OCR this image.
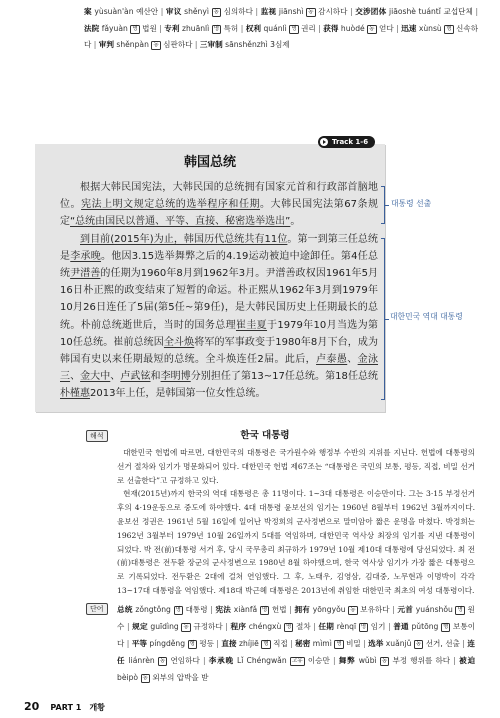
案 yùsuàn'àn 예산안 | 审议 shěnyì 동 심의하다 | 监视 jiānshì 동 감시하다 | 交涉团体 jiāoshè tuántǐ 교섭단체 | 法院 fǎyuàn 명 법원 | 专利 zhuānlì 명 특허 | 权利 quánlì 명 권리 | 获得 huòdé 동 얻다 | 迅速 xùnsù 형 신속하다 | 审判 shěnpàn 동 심판하다 | 三审制 sānshěnzhì 3심제
Track 1-6
韩国总统

根据大韩民国宪法，大韩民国的总统拥有国家元首和行政部首脑地位。宪法上明文规定总统的选举程序和任期。大韩民国宪法第67条规定“总统由国民以普通、平等、直接、秘密选举选出”。

到目前(2015年)为止，韩国历代总统共有11位。第一到第三任总统是李承晚。他因3.15选举舞弊之后的4.19运动被迫中途卸任。第4任总统尹潽善的任期为1960年8月到1962年3月。尹潽善政权因1961年5月16日朴正熙的政变结束了短暂的命运。朴正熙从1962年3月到1979年10月26日连任了5届(第5任~第9任)，是大韩民国历史上任期最长的总统。朴前总统逝世后，当时的国务总理崔圭夏于1979年10月当选为第10任总统。崔前总统因全斗焕将军的军事政变于1980年8月下台，成为韩国有史以来任期最短的总统。全斗焕连任2届。此后，卢泰愚、金泳三、金大中、卢武铉和李明博分别担任了第13~17任总统。第18任总统朴槿惠2013年上任，是韩国第一位女性总统。

대통령 선출
대한민국 역대 대통령
해석	한국 대통령

대한민국 헌법에 따르면, 대한민국의 대통령은 국가원수와 행정부 수반의 지위를 지닌다. 헌법에 대통령의 선거 절차와 임기가 명문화되어 있다. 대한민국 헌법 제67조는 “대통령은 국민의 보통, 평등, 직접, 비밀 선거로 선출한다”고 규정하고 있다.

현재(2015년)까지 한국의 역대 대통령은 총 11명이다. 1~3대 대통령은 이승만이다. 그는 3·15 부정선거 후의 4·19운동으로 중도에 하야했다. 4대 대통령 윤보선의 임기는 1960년 8월부터 1962년 3월까지이다. 윤보선 정권은 1961년 5월 16일에 일어난 박정희의 군사정변으로 말미암아 짧은 운명을 마쳤다. 박정희는 1962년 3월부터 1979년 10월 26일까지 5대를 역임하며, 대한민국 역사상 최장의 임기를 지낸 대통령이 되었다. 박 전(前)대통령 서거 후, 당시 국무총리 최규하가 1979년 10월 제10대 대통령에 당선되었다. 최 전(前)대통령은 전두환 장군의 군사정변으로 1980년 8월 하야했으며, 한국 역사상 임기가 가장 짧은 대통령으로 기록되었다. 전두환은 2대에 걸쳐 연임했다. 그 후, 노태우, 김영삼, 김대중, 노무현과 이명박이 각각 13~17대 대통령을 역임했다. 제18대 박근혜 대통령은 2013년에 취임한 대한민국 최초의 여성 대통령이다.

단어	总统 zǒngtǒng 명 대통령 | 宪法 xiànfǎ 명 헌법 | 拥有 yōngyǒu 동 보유하다 | 元首 yuánshǒu 명 원수 | 规定 guīdìng 동 규정하다 | 程序 chéngxù 명 절차 | 任期 rènqī 명 임기 | 普通 pǔtōng 형 보통이다 | 平等 píngděng 형 평등 | 直接 zhíjiē 형 직접 | 秘密 mìmì 명 비밀 | 选举 xuǎnjǔ 동 선거, 선출 | 连任 liánrèn 동 연임하다 | 李承晚 Lǐ Chéngwǎn 고유 이승만 | 舞弊 wǔbì 동 부정 행위를 하다 | 被迫 bèipò 동 외부의 압박을 받
20 PART 1 개황
